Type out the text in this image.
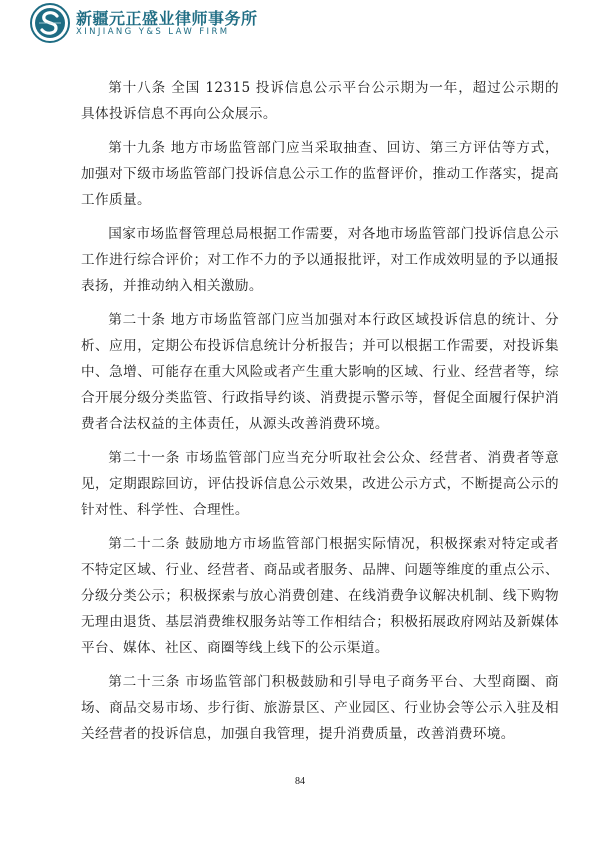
新疆元正盛业律师事务所
XINJIANG Y&S LAW FIRM

第十八条 全国 12315 投诉信息公示平台公示期为一年，超过公示期的具体投诉信息不再向公众展示。

第十九条 地方市场监管部门应当采取抽查、回访、第三方评估等方式，加强对下级市场监管部门投诉信息公示工作的监督评价，推动工作落实，提高工作质量。

国家市场监督管理总局根据工作需要，对各地市场监管部门投诉信息公示工作进行综合评价；对工作不力的予以通报批评，对工作成效明显的予以通报表扬，并推动纳入相关激励。

第二十条 地方市场监管部门应当加强对本行政区域投诉信息的统计、分析、应用，定期公布投诉信息统计分析报告；并可以根据工作需要，对投诉集中、急增、可能存在重大风险或者产生重大影响的区域、行业、经营者等，综合开展分级分类监管、行政指导约谈、消费提示警示等，督促全面履行保护消费者合法权益的主体责任，从源头改善消费环境。

第二十一条 市场监管部门应当充分听取社会公众、经营者、消费者等意见，定期跟踪回访，评估投诉信息公示效果，改进公示方式，不断提高公示的针对性、科学性、合理性。

第二十二条 鼓励地方市场监管部门根据实际情况，积极探索对特定或者不特定区域、行业、经营者、商品或者服务、品牌、问题等维度的重点公示、分级分类公示；积极探索与放心消费创建、在线消费争议解决机制、线下购物无理由退货、基层消费维权服务站等工作相结合；积极拓展政府网站及新媒体平台、媒体、社区、商圈等线上线下的公示渠道。

第二十三条 市场监管部门积极鼓励和引导电子商务平台、大型商圈、商场、商品交易市场、步行街、旅游景区、产业园区、行业协会等公示入驻及相关经营者的投诉信息，加强自我管理，提升消费质量，改善消费环境。

84
